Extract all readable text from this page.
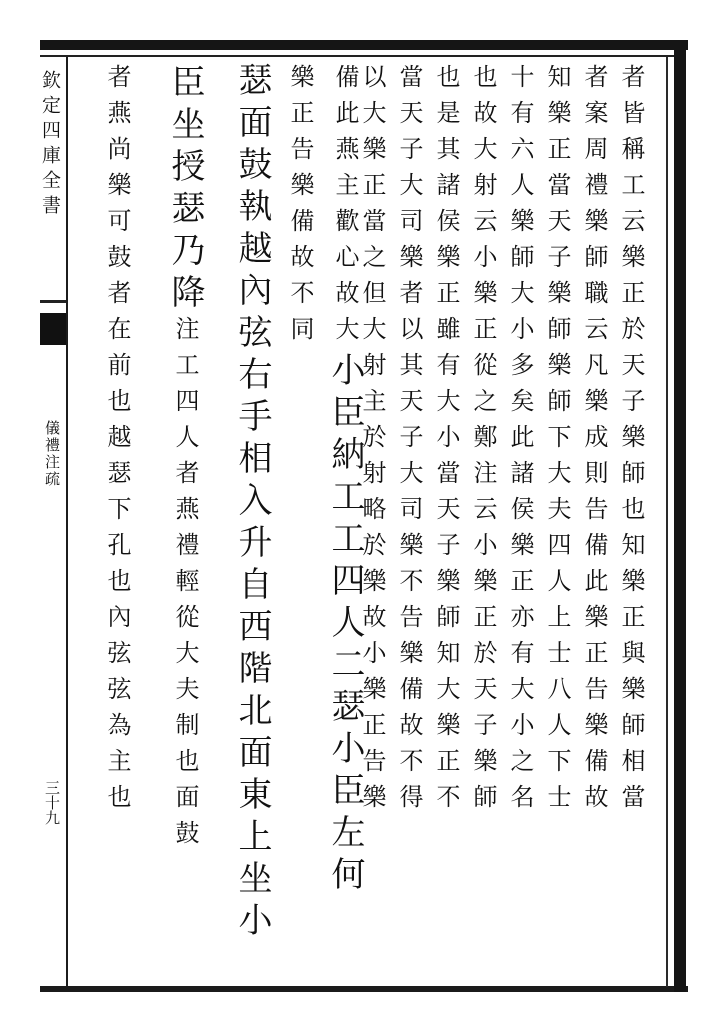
欽定四庫全書
儀禮注疏
三十九	者皆稱工云樂正於天子樂師也知樂正與樂師相當
者案周禮樂師職云凡樂成則告備此樂正告樂備故
知樂正當天子樂師樂師下大夫四人上士八人下士
十有六人樂師大小多矣此諸侯樂正亦有大小之名
也故大射云小樂正從之鄭注云小樂正於天子樂師
也是其諸侯樂正雖有大小當天子樂師知大樂正不
當天子大司樂者以其天子大司樂不告樂備故不得
以大樂正當之但大射主於射略於樂故小樂正告樂
備此燕主歡心故大小臣納工工四人二瑟小臣左何
樂正告樂備故不同
瑟面鼓執越內弦右手相入升自西階北面東上坐小
臣坐授瑟乃降注工四人者燕禮輕從大夫制也面鼓
者燕尚樂可鼓者在前也越瑟下孔也內弦弦為主也
